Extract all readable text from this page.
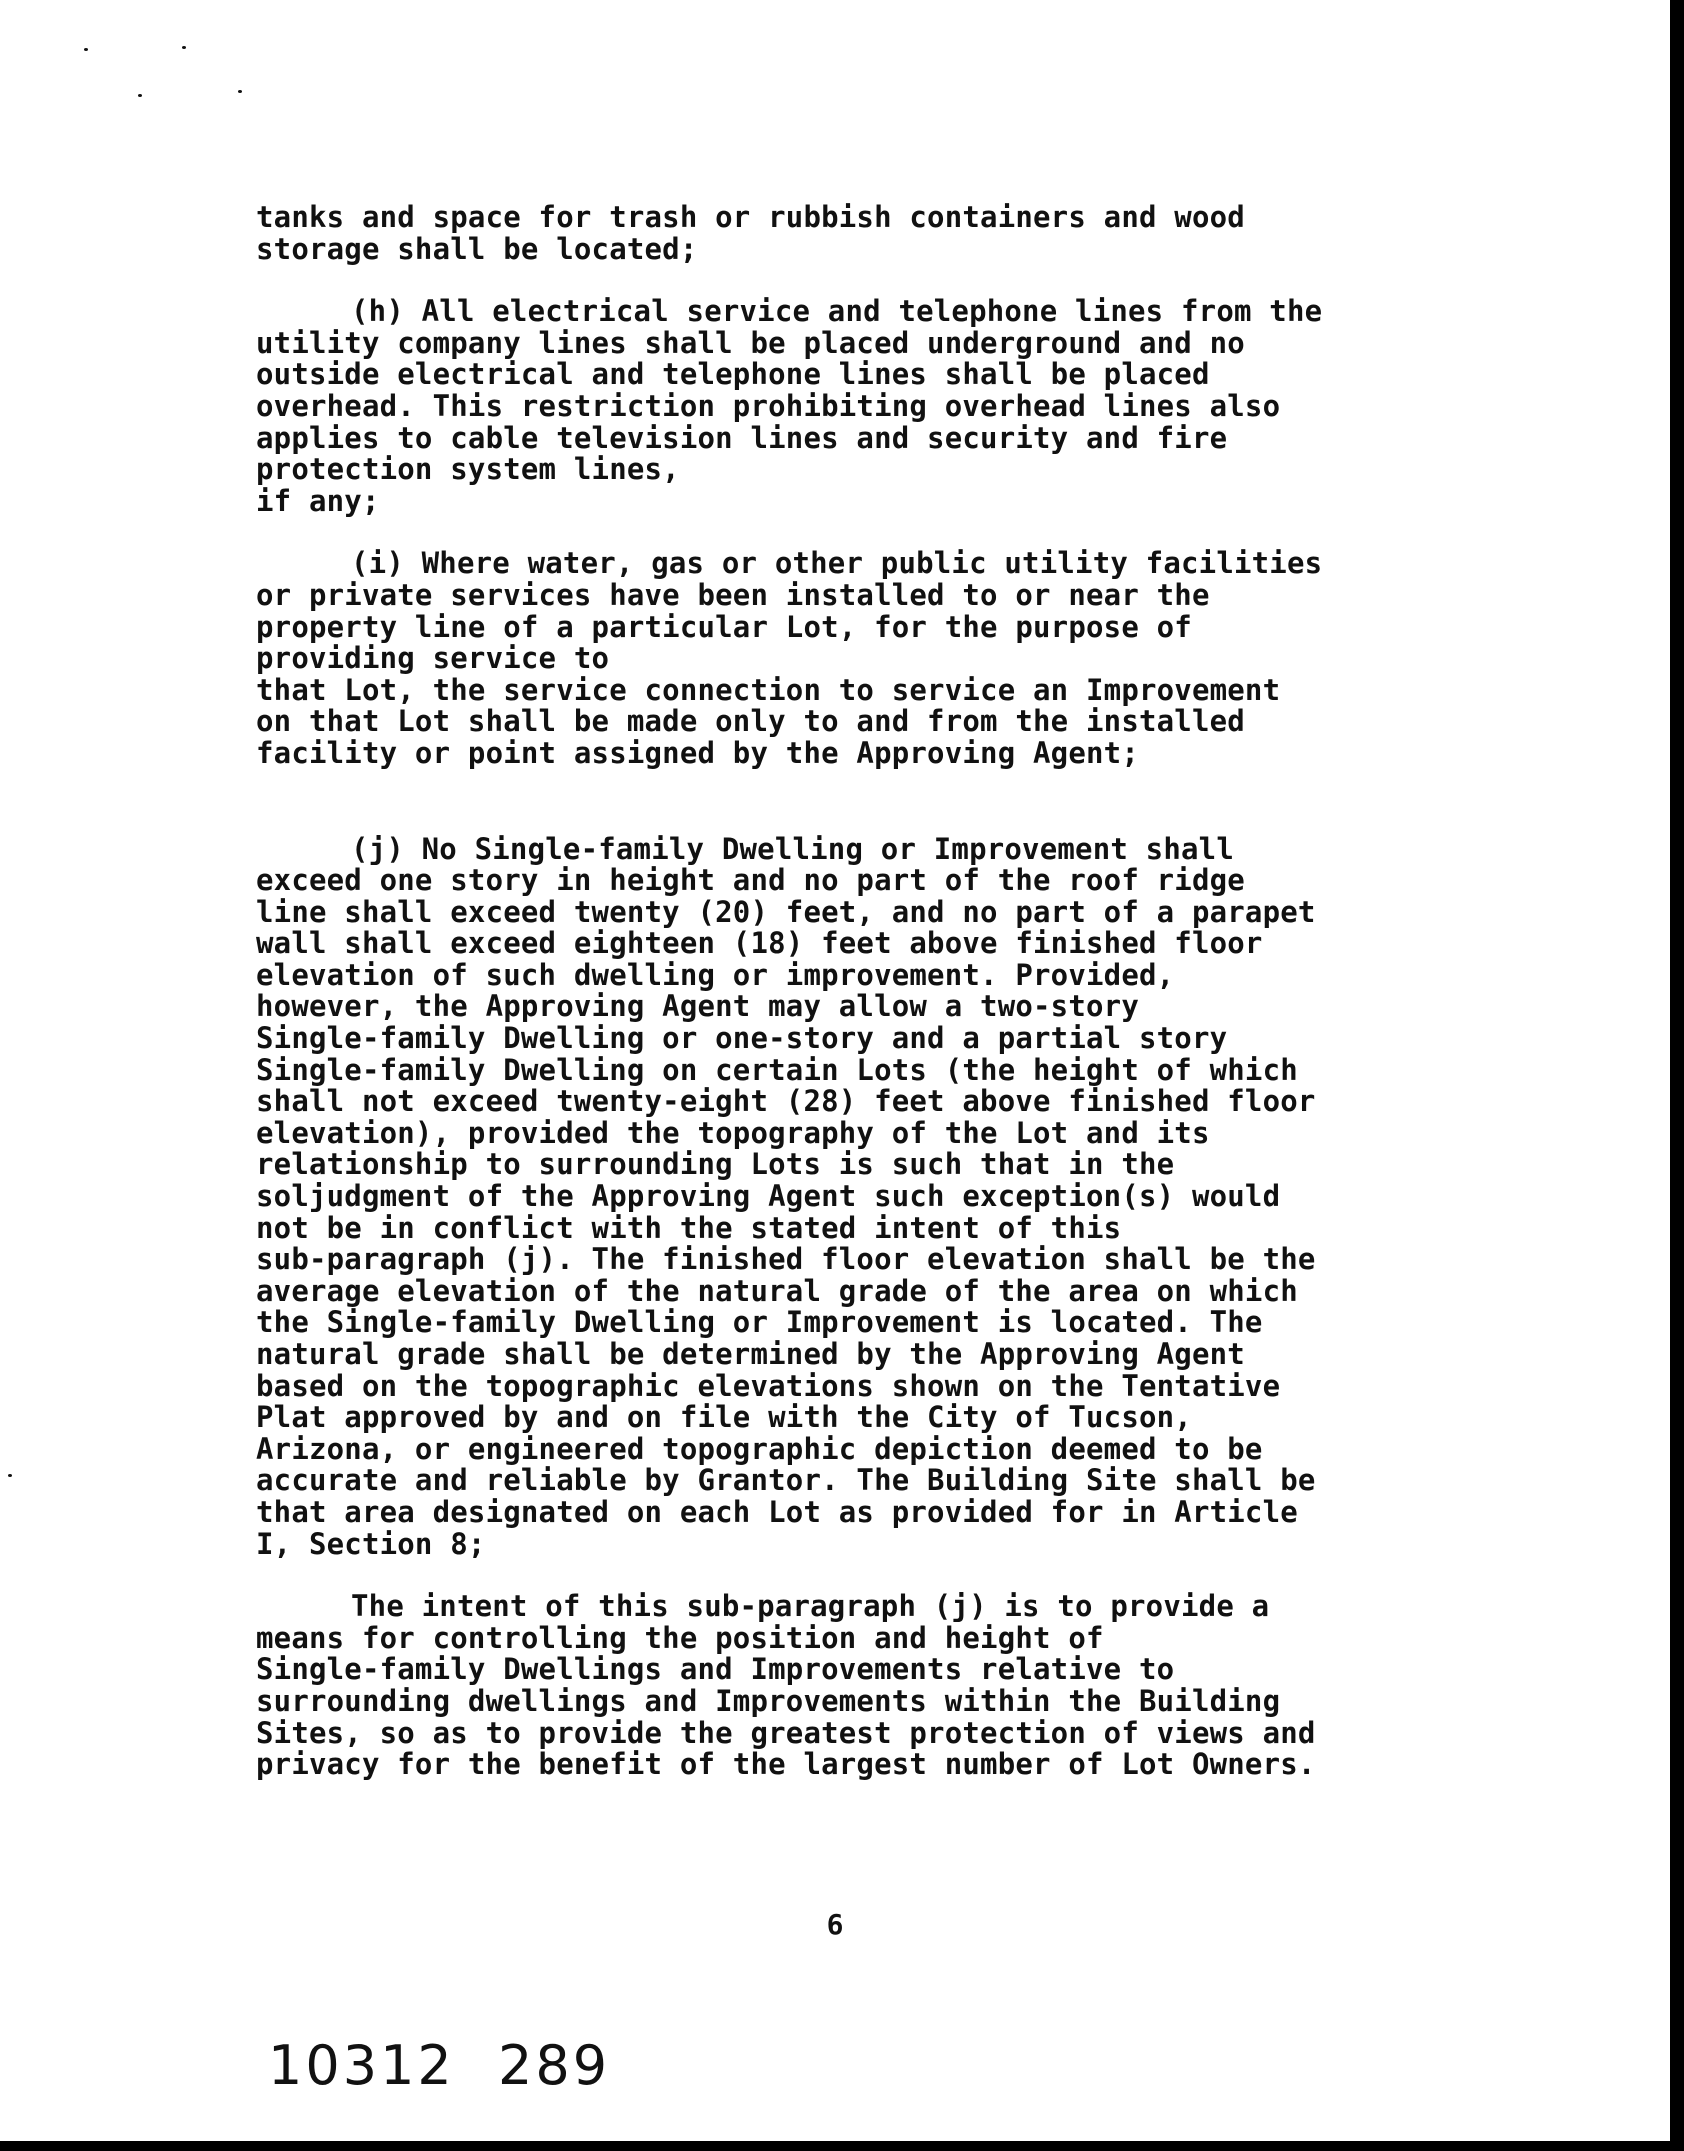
tanks and space for trash or rubbish containers and wood
storage shall be located;
(h) All electrical service and telephone lines from the
utility company lines shall be placed underground and no
outside electrical and telephone lines shall be placed
overhead. This restriction prohibiting overhead lines also
applies to cable television lines and security and fire
protection system lines,
if any;
(i) Where water, gas or other public utility facilities
or private services have been installed to or near the
property line of a particular Lot, for the purpose of
providing service to
that Lot, the service connection to service an Improvement
on that Lot shall be made only to and from the installed
facility or point assigned by the Approving Agent;
(j) No Single-family Dwelling or Improvement shall
exceed one story in height and no part of the roof ridge
line shall exceed twenty (20) feet, and no part of a parapet
wall shall exceed eighteen (18) feet above finished floor
elevation of such dwelling or improvement. Provided,
however, the Approving Agent may allow a two-story
Single-family Dwelling or one-story and a partial story
Single-family Dwelling on certain Lots (the height of which
shall not exceed twenty-eight (28) feet above finished floor
elevation), provided the topography of the Lot and its
relationship to surrounding Lots is such that in the
soljudgment of the Approving Agent such exception(s) would
not be in conflict with the stated intent of this
sub-paragraph (j). The finished floor elevation shall be the
average elevation of the natural grade of the area on which
the Single-family Dwelling or Improvement is located. The
natural grade shall be determined by the Approving Agent
based on the topographic elevations shown on the Tentative
Plat approved by and on file with the City of Tucson,
Arizona, or engineered topographic depiction deemed to be
accurate and reliable by Grantor. The Building Site shall be
that area designated on each Lot as provided for in Article
I, Section 8;
The intent of this sub-paragraph (j) is to provide a
means for controlling the position and height of
Single-family Dwellings and Improvements relative to
surrounding dwellings and Improvements within the Building
Sites, so as to provide the greatest protection of views and
privacy for the benefit of the largest number of Lot Owners.
6
10312 289
